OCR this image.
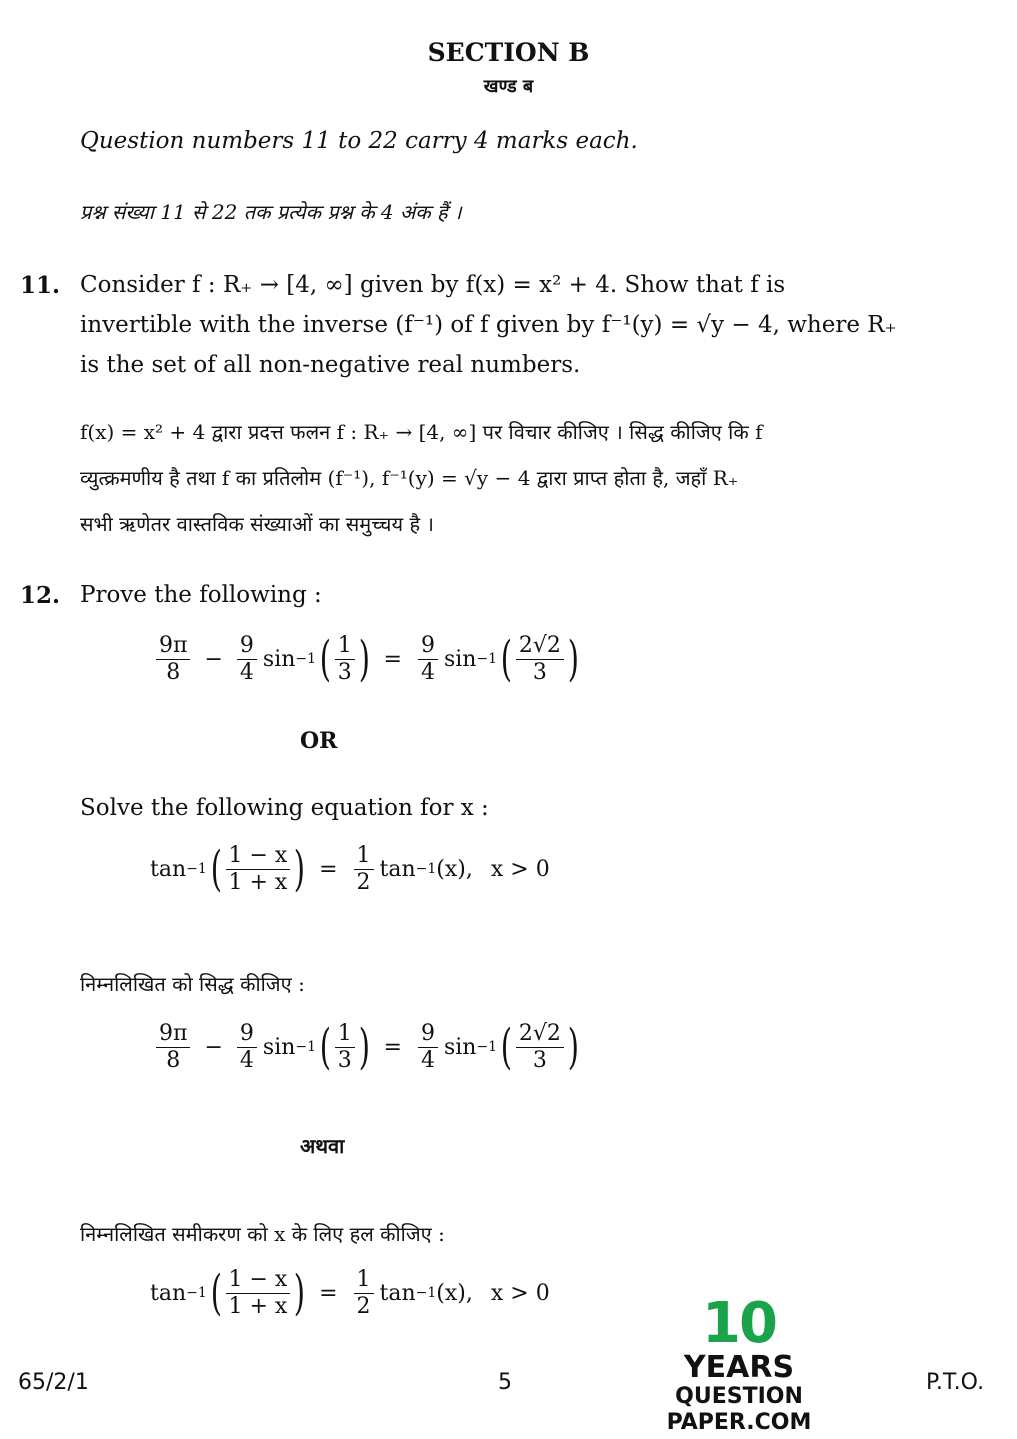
SECTION B
खण्ड ब
Question numbers 11 to 22 carry 4 marks each.
प्रश्न संख्या 11 से 22 तक प्रत्येक प्रश्न के 4 अंक हैं ।
11. Consider f : R₊ → [4, ∞] given by f(x) = x² + 4. Show that f is
invertible with the inverse (f⁻¹) of f given by f⁻¹(y) = √y − 4, where R₊
is the set of all non-negative real numbers.
f(x) = x² + 4 द्वारा प्रदत्त फलन f : R₊ → [4, ∞] पर विचार कीजिए । सिद्ध कीजिए कि f
व्युत्क्रमणीय है तथा f का प्रतिलोम (f⁻¹), f⁻¹(y) = √y − 4 द्वारा प्राप्त होता है, जहाँ R₊
सभी ऋणेतर वास्तविक संख्याओं का समुच्चय है ।
12. Prove the following :
$\frac{9\pi}{8} - \frac{9}{4}$ sin −1 ( $\frac{1}{3}$ ) = $\frac{9}{4}$ sin −1 ( $\frac{2√2}{3}$ )
OR
Solve the following equation for x :
tan −1 ( $\frac{1 - x}{1 + x}$ ) = $\frac{1}{2}$ tan −1 (x), x > 0
निम्नलिखित को सिद्ध कीजिए :
$\frac{9\pi}{8} - \frac{9}{4}$ sin −1 ( $\frac{1}{3}$ ) = $\frac{9}{4}$ sin −1 ( $\frac{2√2}{3}$ )
अथवा
निम्नलिखित समीकरण को x के लिए हल कीजिए :
tan −1 ( $\frac{1 - x}{1 + x}$ ) = $\frac{1}{2}$ tan −1 (x), x > 0
65/2/1	5	P.T.O.
10
YEARS
QUESTION PAPER.COM
